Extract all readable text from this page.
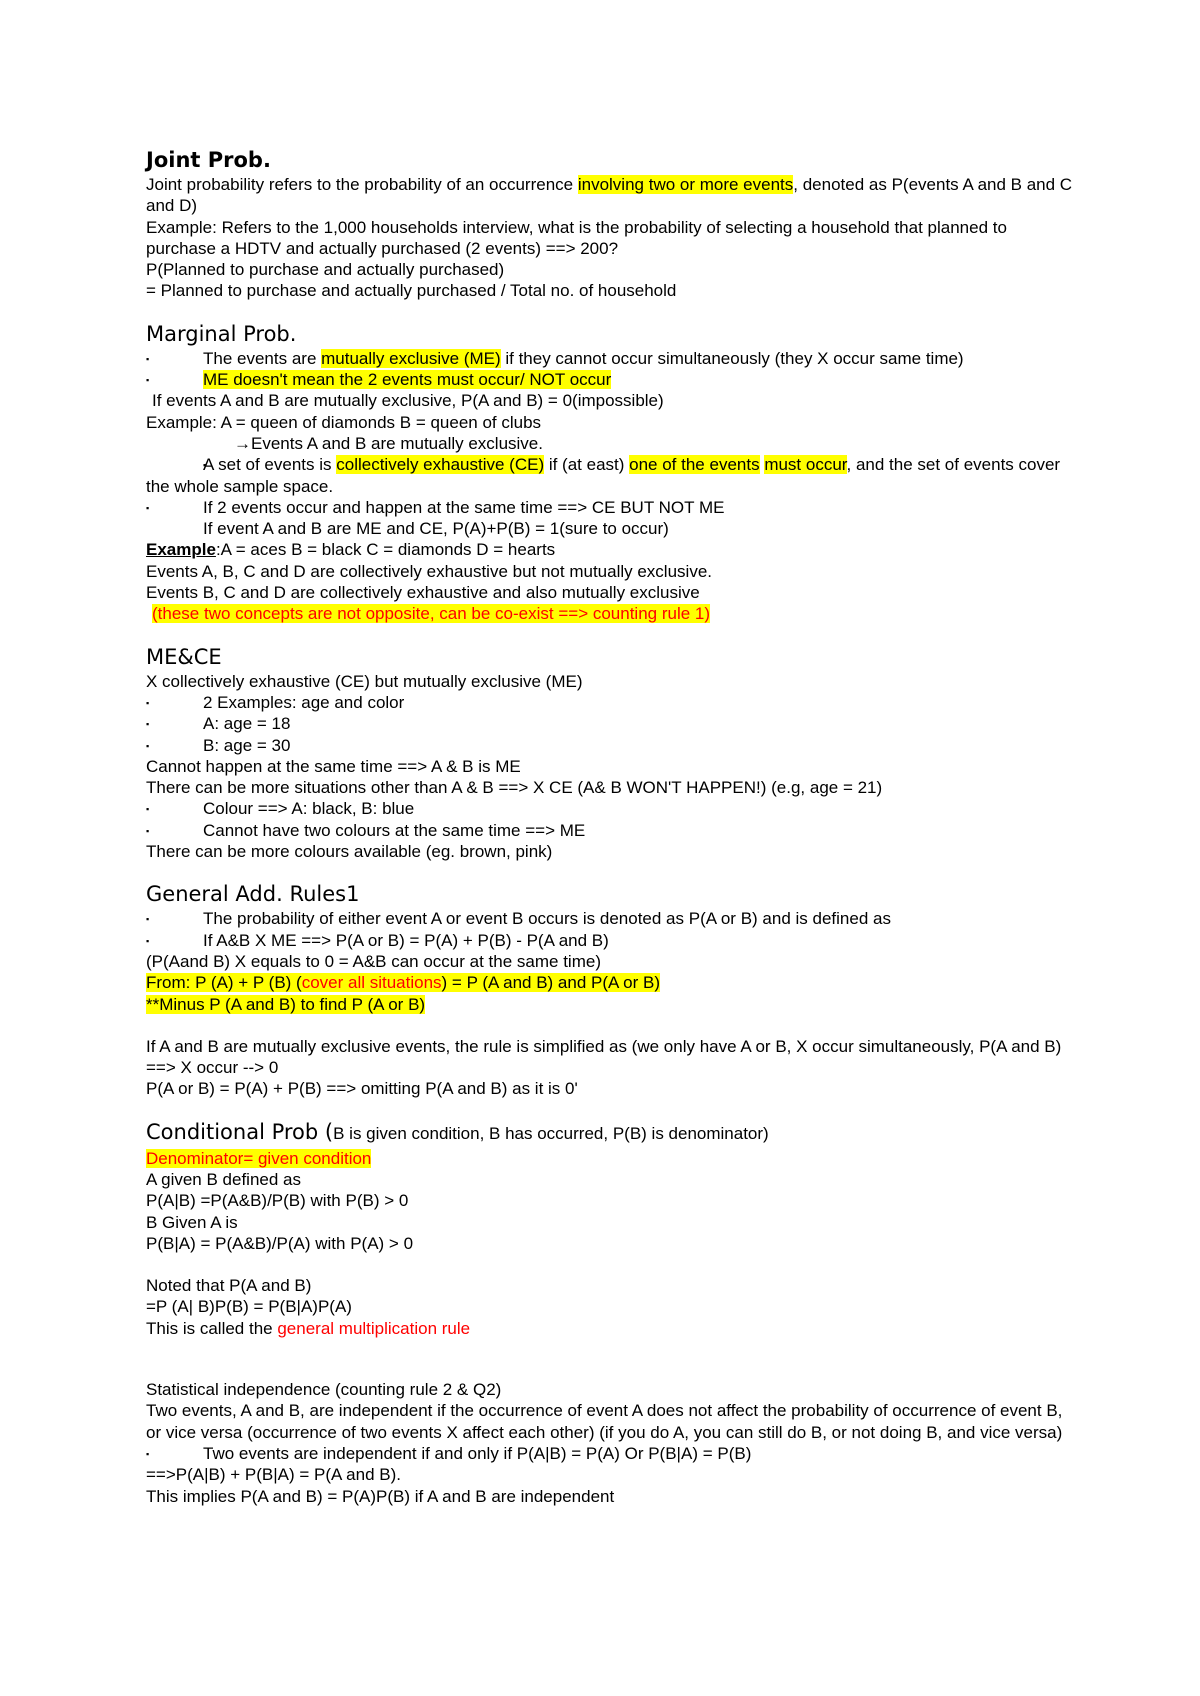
Joint Prob.

Joint probability refers to the probability of an occurrence involving two or more events, denoted as P(events A and B and C and D)

Example: Refers to the 1,000 households interview, what is the probability of selecting a household that planned to purchase a HDTV and actually purchased (2 events) ==> 200?

P(Planned to purchase and actually purchased)

= Planned to purchase and actually purchased / Total no. of household

Marginal Prob.

▪ The events are mutually exclusive (ME) if they cannot occur simultaneously (they X occur same time)

▪ ME doesn't mean the 2 events must occur/ NOT occur

If events A and B are mutually exclusive, P(A and B) = 0(impossible)

Example: A = queen of diamonds B = queen of clubs

→Events A and B are mutually exclusive.

▪ A set of events is collectively exhaustive (CE) if (at east) one of the events must occur, and the set of events cover the whole sample space.

▪ If 2 events occur and happen at the same time ==> CE BUT NOT ME

If event A and B are ME and CE, P(A)+P(B) = 1(sure to occur)

Example:A = aces B = black C = diamonds D = hearts

Events A, B, C and D are collectively exhaustive but not mutually exclusive.

Events B, C and D are collectively exhaustive and also mutually exclusive

(these two concepts are not opposite, can be co-exist ==> counting rule 1)

ME&CE

X collectively exhaustive (CE) but mutually exclusive (ME)

▪ 2 Examples: age and color

▪ A: age = 18

▪ B: age = 30

Cannot happen at the same time ==> A & B is ME

There can be more situations other than A & B ==> X CE (A& B WON'T HAPPEN!) (e.g, age = 21)

▪ Colour ==> A: black, B: blue

▪ Cannot have two colours at the same time ==> ME

There can be more colours available (eg. brown, pink)

General Add. Rules1

▪ The probability of either event A or event B occurs is denoted as P(A or B) and is defined as

▪ If A&B X ME ==> P(A or B) = P(A) + P(B) - P(A and B)

(P(Aand B) X equals to 0 = A&B can occur at the same time)

From: P (A) + P (B) (cover all situations) = P (A and B) and P(A or B)

**Minus P (A and B) to find P (A or B)

If A and B are mutually exclusive events, the rule is simplified as (we only have A or B, X occur simultaneously, P(A and B) ==> X occur --> 0

P(A or B) = P(A) + P(B) ==> omitting P(A and B) as it is 0'

Conditional Prob (B is given condition, B has occurred, P(B) is denominator)

Denominator= given condition

A given B defined as

P(A|B) =P(A&B)/P(B) with P(B) > 0

B Given A is

P(B|A) = P(A&B)/P(A) with P(A) > 0

Noted that P(A and B)

=P (A| B)P(B) = P(B|A)P(A)

This is called the general multiplication rule

Statistical independence (counting rule 2 & Q2)

Two events, A and B, are independent if the occurrence of event A does not affect the probability of occurrence of event B, or vice versa (occurrence of two events X affect each other) (if you do A, you can still do B, or not doing B, and vice versa)

▪ Two events are independent if and only if P(A|B) = P(A) Or P(B|A) = P(B)

==>P(A|B) + P(B|A) = P(A and B).

This implies P(A and B) = P(A)P(B) if A and B are independent
